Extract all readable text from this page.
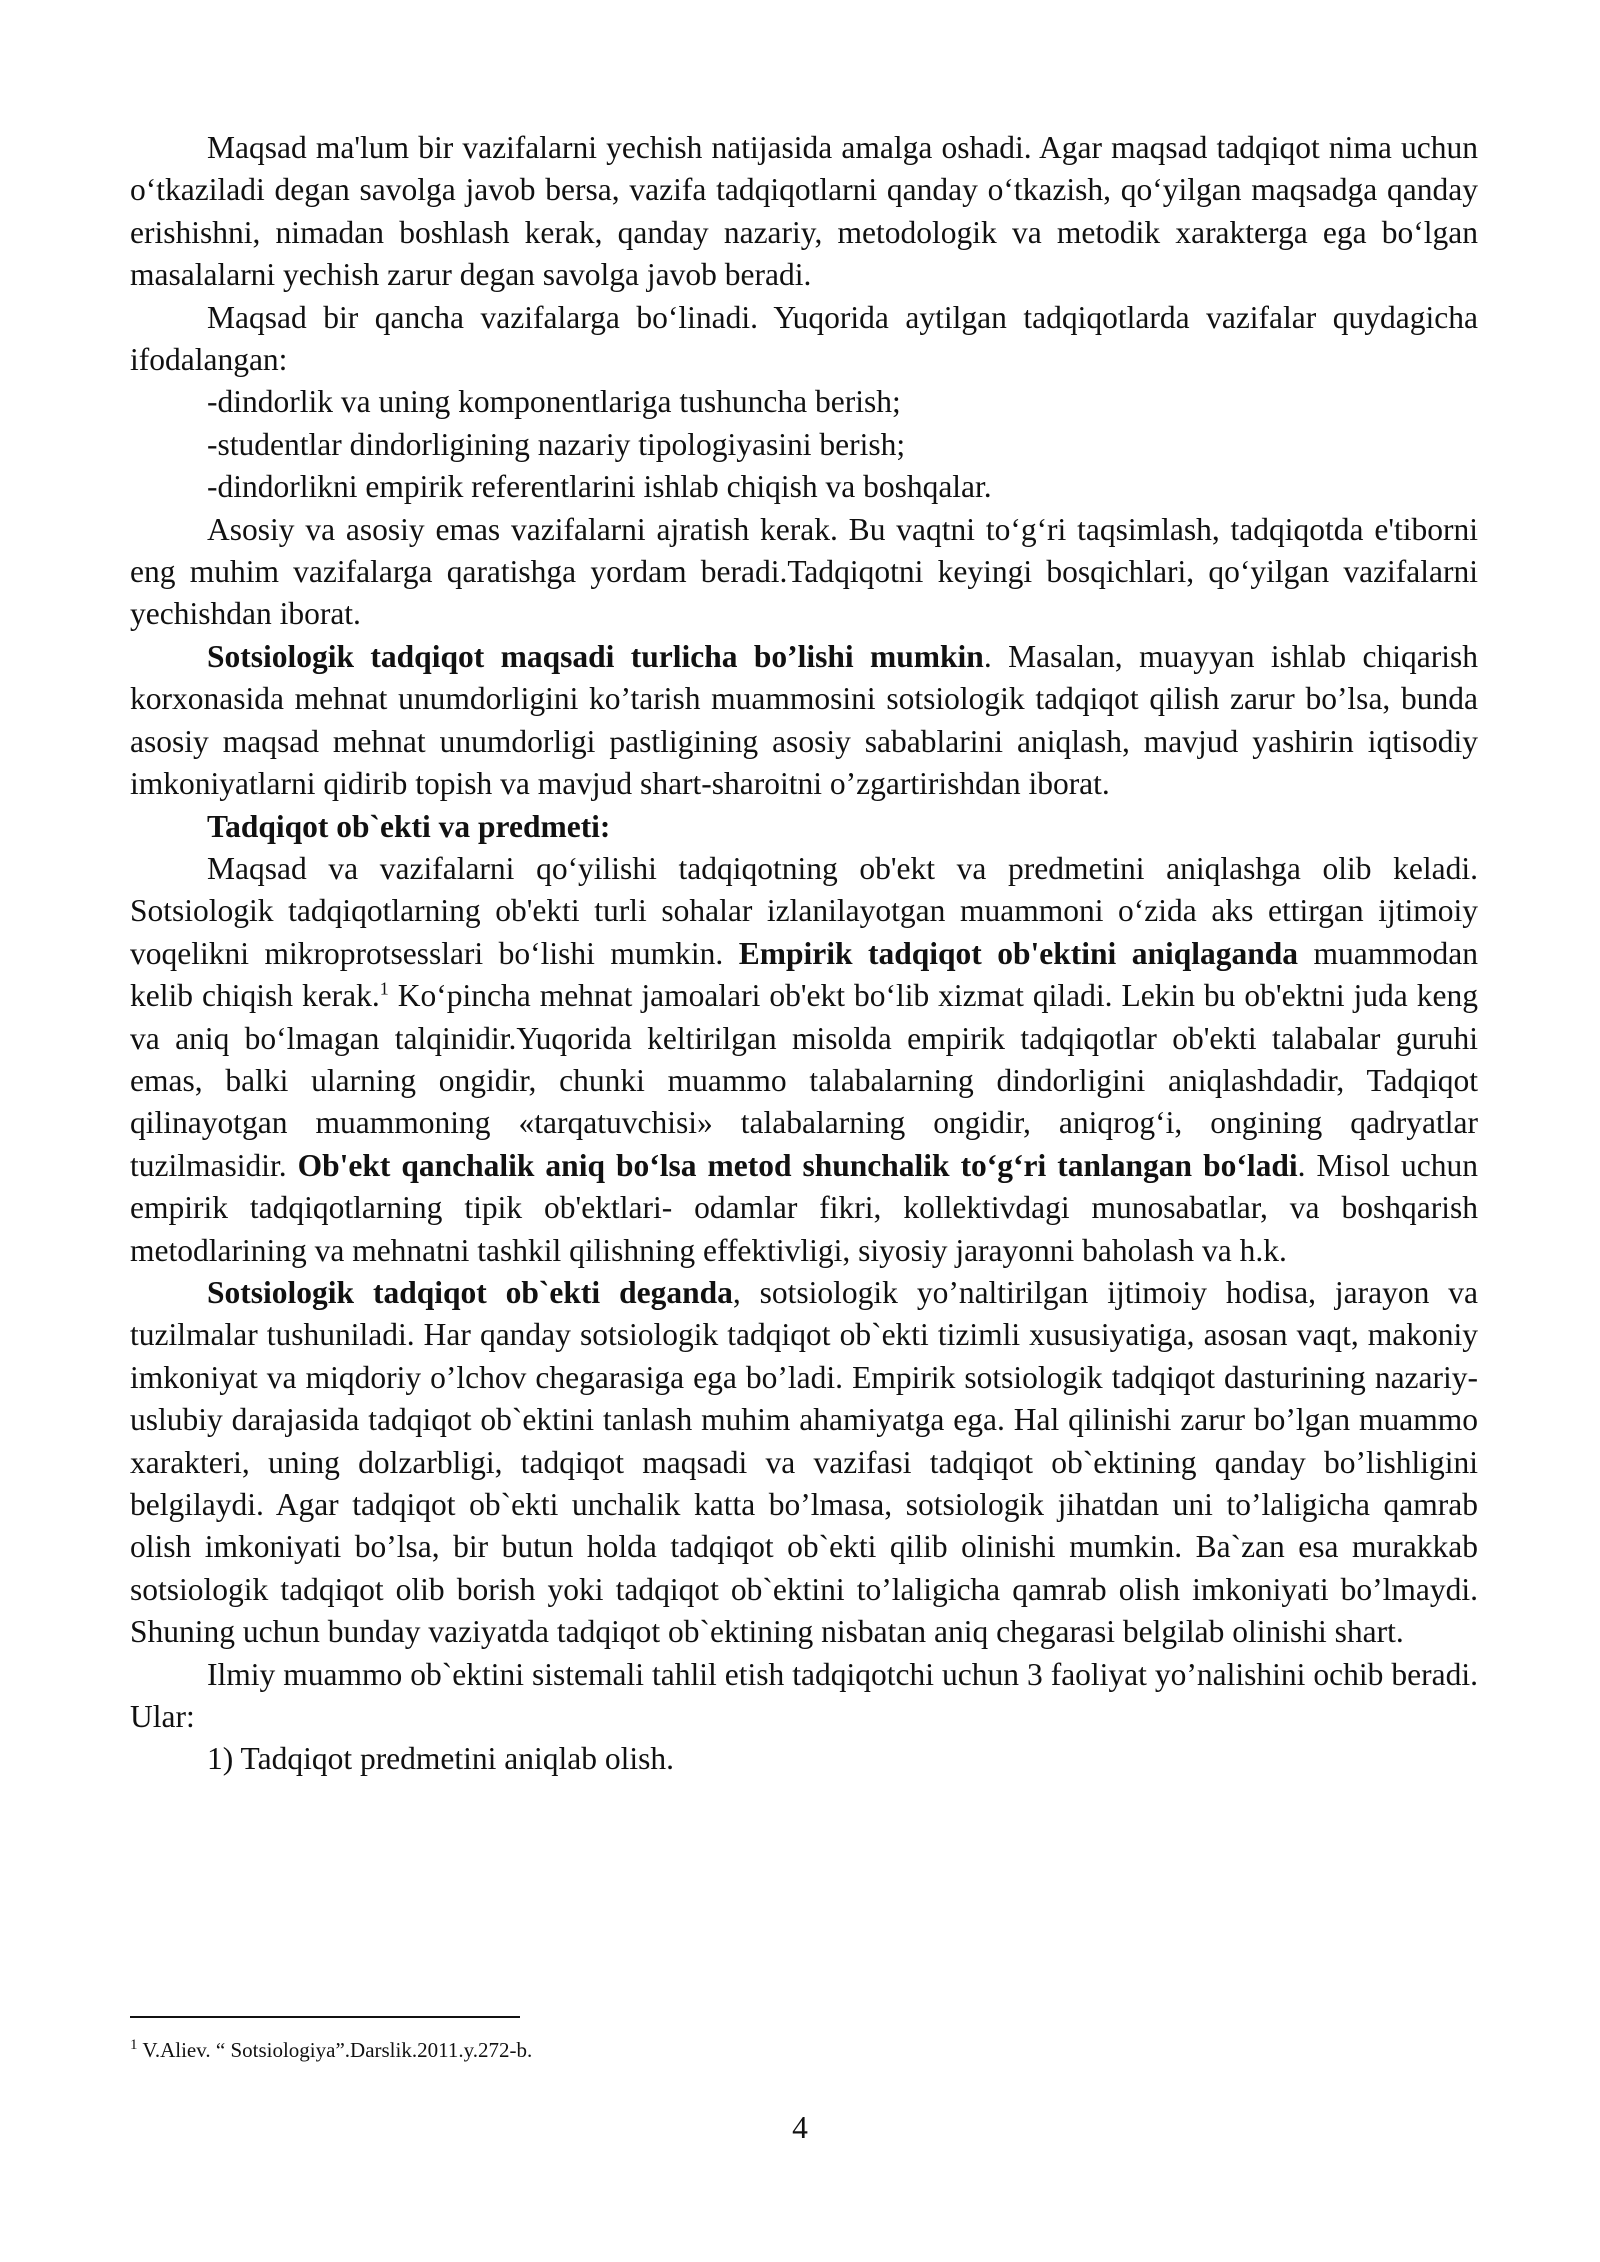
Maqsad ma'lum bir vazifalarni yechish natijasida amalga oshadi. Agar maqsad tadqiqot nima uchun o‘tkaziladi degan savolga javob bersa, vazifa tadqiqotlarni qanday o‘tkazish, qo‘yilgan maqsadga qanday erishishni, nimadan boshlash kerak, qanday nazariy, metodologik va metodik xarakterga ega bo‘lgan masalalarni yechish zarur degan savolga javob beradi.

Maqsad bir qancha vazifalarga bo‘linadi. Yuqorida aytilgan tadqiqotlarda vazifalar quydagicha ifodalangan:

-dindorlik va uning komponentlariga tushuncha berish;

-studentlar dindorligining nazariy tipologiyasini berish;

-dindorlikni empirik referentlarini ishlab chiqish va boshqalar.

Asosiy va asosiy emas vazifalarni ajratish kerak. Bu vaqtni to‘g‘ri taqsimlash, tadqiqotda e'tiborni eng muhim vazifalarga qaratishga yordam beradi.Tadqiqotni keyingi bosqichlari, qo‘yilgan vazifalarni yechishdan iborat.

Sotsiologik tadqiqot maqsadi turlicha bo’lishi mumkin. Masalan, muayyan ishlab chiqarish korxonasida mehnat unumdorligini ko’tarish muammosini sotsiologik tadqiqot qilish zarur bo’lsa, bunda asosiy maqsad mehnat unumdorligi pastligining asosiy sabablarini aniqlash, mavjud yashirin iqtisodiy imkoniyatlarni qidirib topish va mavjud shart-sharoitni o’zgartirishdan iborat.

Tadqiqot ob`ekti va predmeti:

Maqsad va vazifalarni qo‘yilishi tadqiqotning ob'ekt va predmetini aniqlashga olib keladi. Sotsiologik tadqiqotlarning ob'ekti turli sohalar izlanilayotgan muammoni o‘zida aks ettirgan ijtimoiy voqelikni mikroprotsesslari bo‘lishi mumkin. Empirik tadqiqot ob'ektini aniqlaganda muammodan kelib chiqish kerak.$^1$ Ko‘pincha mehnat jamoalari ob'ekt bo‘lib xizmat qiladi. Lekin bu ob'ektni juda keng va aniq bo‘lmagan talqinidir.Yuqorida keltirilgan misolda empirik tadqiqotlar ob'ekti talabalar guruhi emas, balki ularning ongidir, chunki muammo talabalarning dindorligini aniqlashdadir, Tadqiqot qilinayotgan muammoning «tarqatuvchisi» talabalarning ongidir, aniqrog‘i, ongining qadryatlar tuzilmasidir. Ob'ekt qanchalik aniq bo‘lsa metod shunchalik to‘g‘ri tanlangan bo‘ladi. Misol uchun empirik tadqiqotlarning tipik ob'ektlari- odamlar fikri, kollektivdagi munosabatlar, va boshqarish metodlarining va mehnatni tashkil qilishning effektivligi, siyosiy jarayonni baholash va h.k.

Sotsiologik tadqiqot ob`ekti deganda, sotsiologik yo’naltirilgan ijtimoiy hodisa, jarayon va tuzilmalar tushuniladi. Har qanday sotsiologik tadqiqot ob`ekti tizimli xususiyatiga, asosan vaqt, makoniy imkoniyat va miqdoriy o’lchov chegarasiga ega bo’ladi. Empirik sotsiologik tadqiqot dasturining nazariy-uslubiy darajasida tadqiqot ob`ektini tanlash muhim ahamiyatga ega. Hal qilinishi zarur bo’lgan muammo xarakteri, uning dolzarbligi, tadqiqot maqsadi va vazifasi tadqiqot ob`ektining qanday bo’lishligini belgilaydi. Agar tadqiqot ob`ekti unchalik katta bo’lmasa, sotsiologik jihatdan uni to’laligicha qamrab olish imkoniyati bo’lsa, bir butun holda tadqiqot ob`ekti qilib olinishi mumkin. Ba`zan esa murakkab sotsiologik tadqiqot olib borish yoki tadqiqot ob`ektini to’laligicha qamrab olish imkoniyati bo’lmaydi. Shuning uchun bunday vaziyatda tadqiqot ob`ektining nisbatan aniq chegarasi belgilab olinishi shart.

Ilmiy muammo ob`ektini sistemali tahlil etish tadqiqotchi uchun 3 faoliyat yo’nalishini ochib beradi. Ular:

1) Tadqiqot predmetini aniqlab olish.

$^1$ V.Aliev. “ Sotsiologiya”.Darslik.2011.y.272-b.

4
